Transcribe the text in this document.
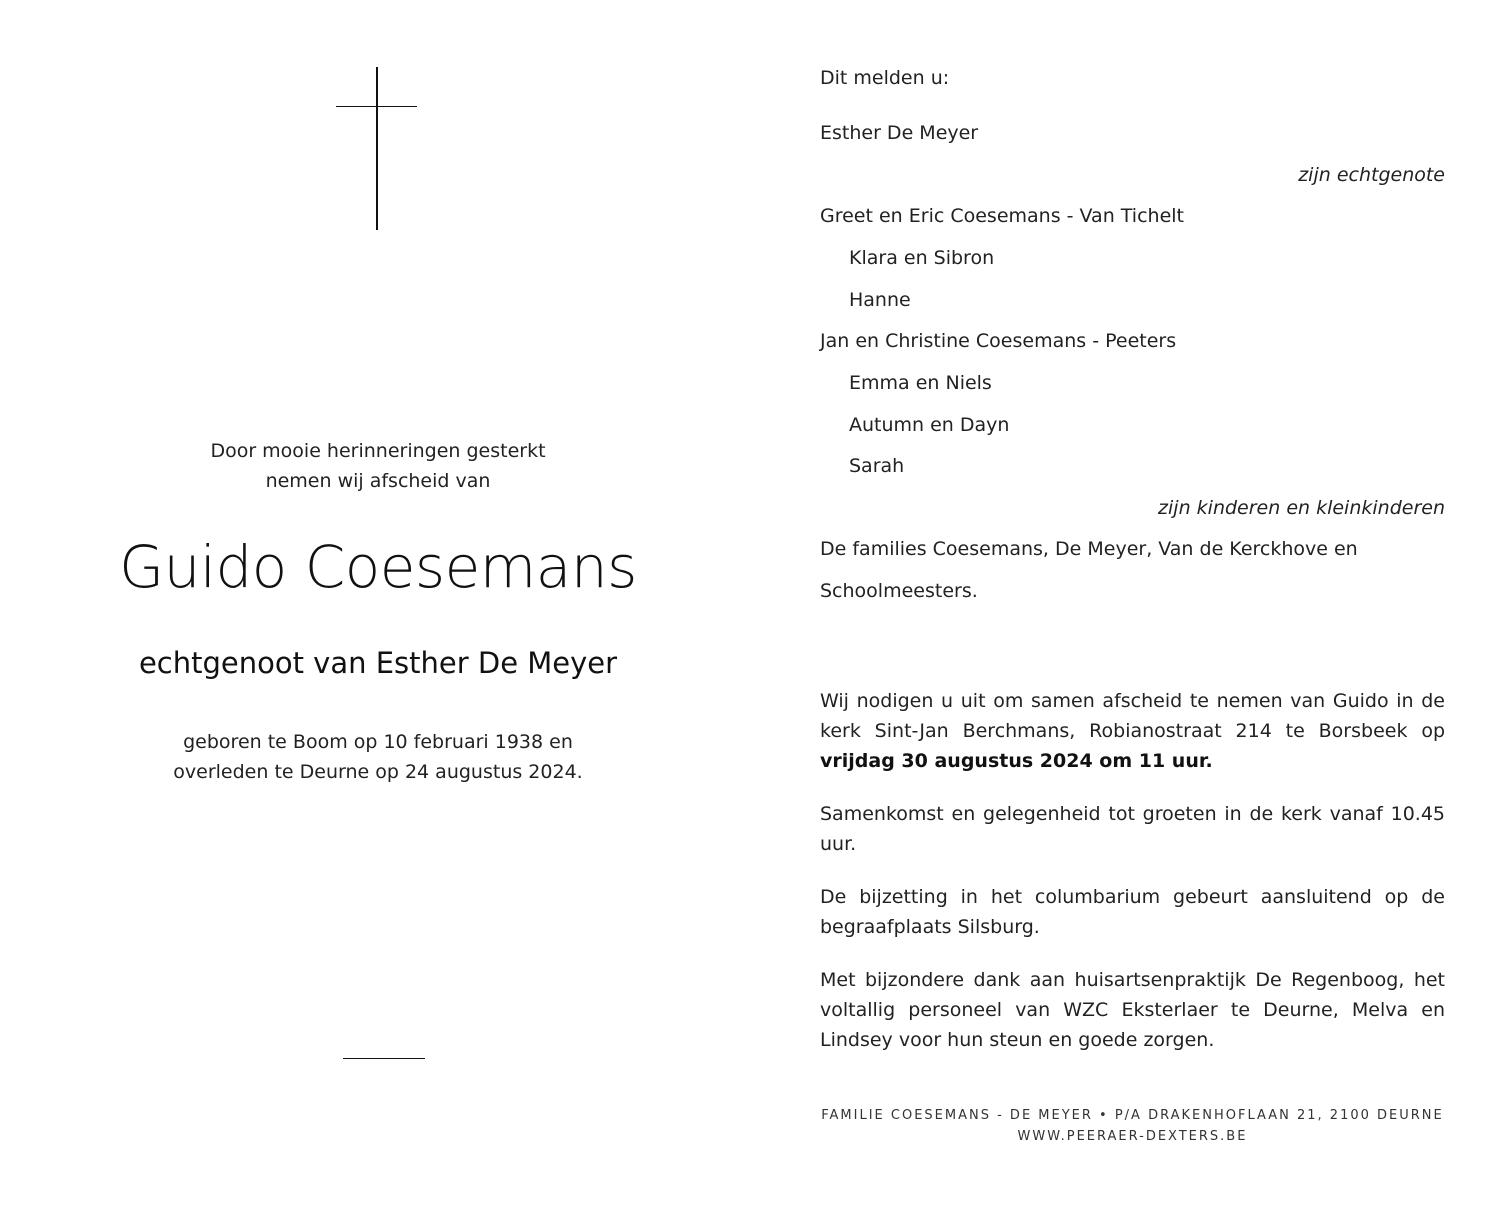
Door mooie herinneringen gesterkt
nemen wij afscheid van
Guido Coesemans
echtgenoot van Esther De Meyer
geboren te Boom op 10 februari 1938 en
overleden te Deurne op 24 augustus 2024.
Dit melden u:
Esther De Meyer
zijn echtgenote
Greet en Eric Coesemans - Van Tichelt
Klara en Sibron
Hanne
Jan en Christine Coesemans - Peeters
Emma en Niels
Autumn en Dayn
Sarah
zijn kinderen en kleinkinderen
De families Coesemans, De Meyer, Van de Kerckhove en
Schoolmeesters.
Wij nodigen u uit om samen afscheid te nemen van Guido in de kerk Sint-Jan Berchmans, Robianostraat 214 te Borsbeek op vrijdag 30 augustus 2024 om 11 uur.
Samenkomst en gelegenheid tot groeten in de kerk vanaf 10.45 uur.
De bijzetting in het columbarium gebeurt aansluitend op de begraafplaats Silsburg.
Met bijzondere dank aan huisartsenpraktijk De Regenboog, het voltallig personeel van WZC Eksterlaer te Deurne, Melva en Lindsey voor hun steun en goede zorgen.
FAMILIE COESEMANS - DE MEYER • P/A DRAKENHOFLAAN 21, 2100 DEURNE
WWW.PEERAER-DEXTERS.BE
